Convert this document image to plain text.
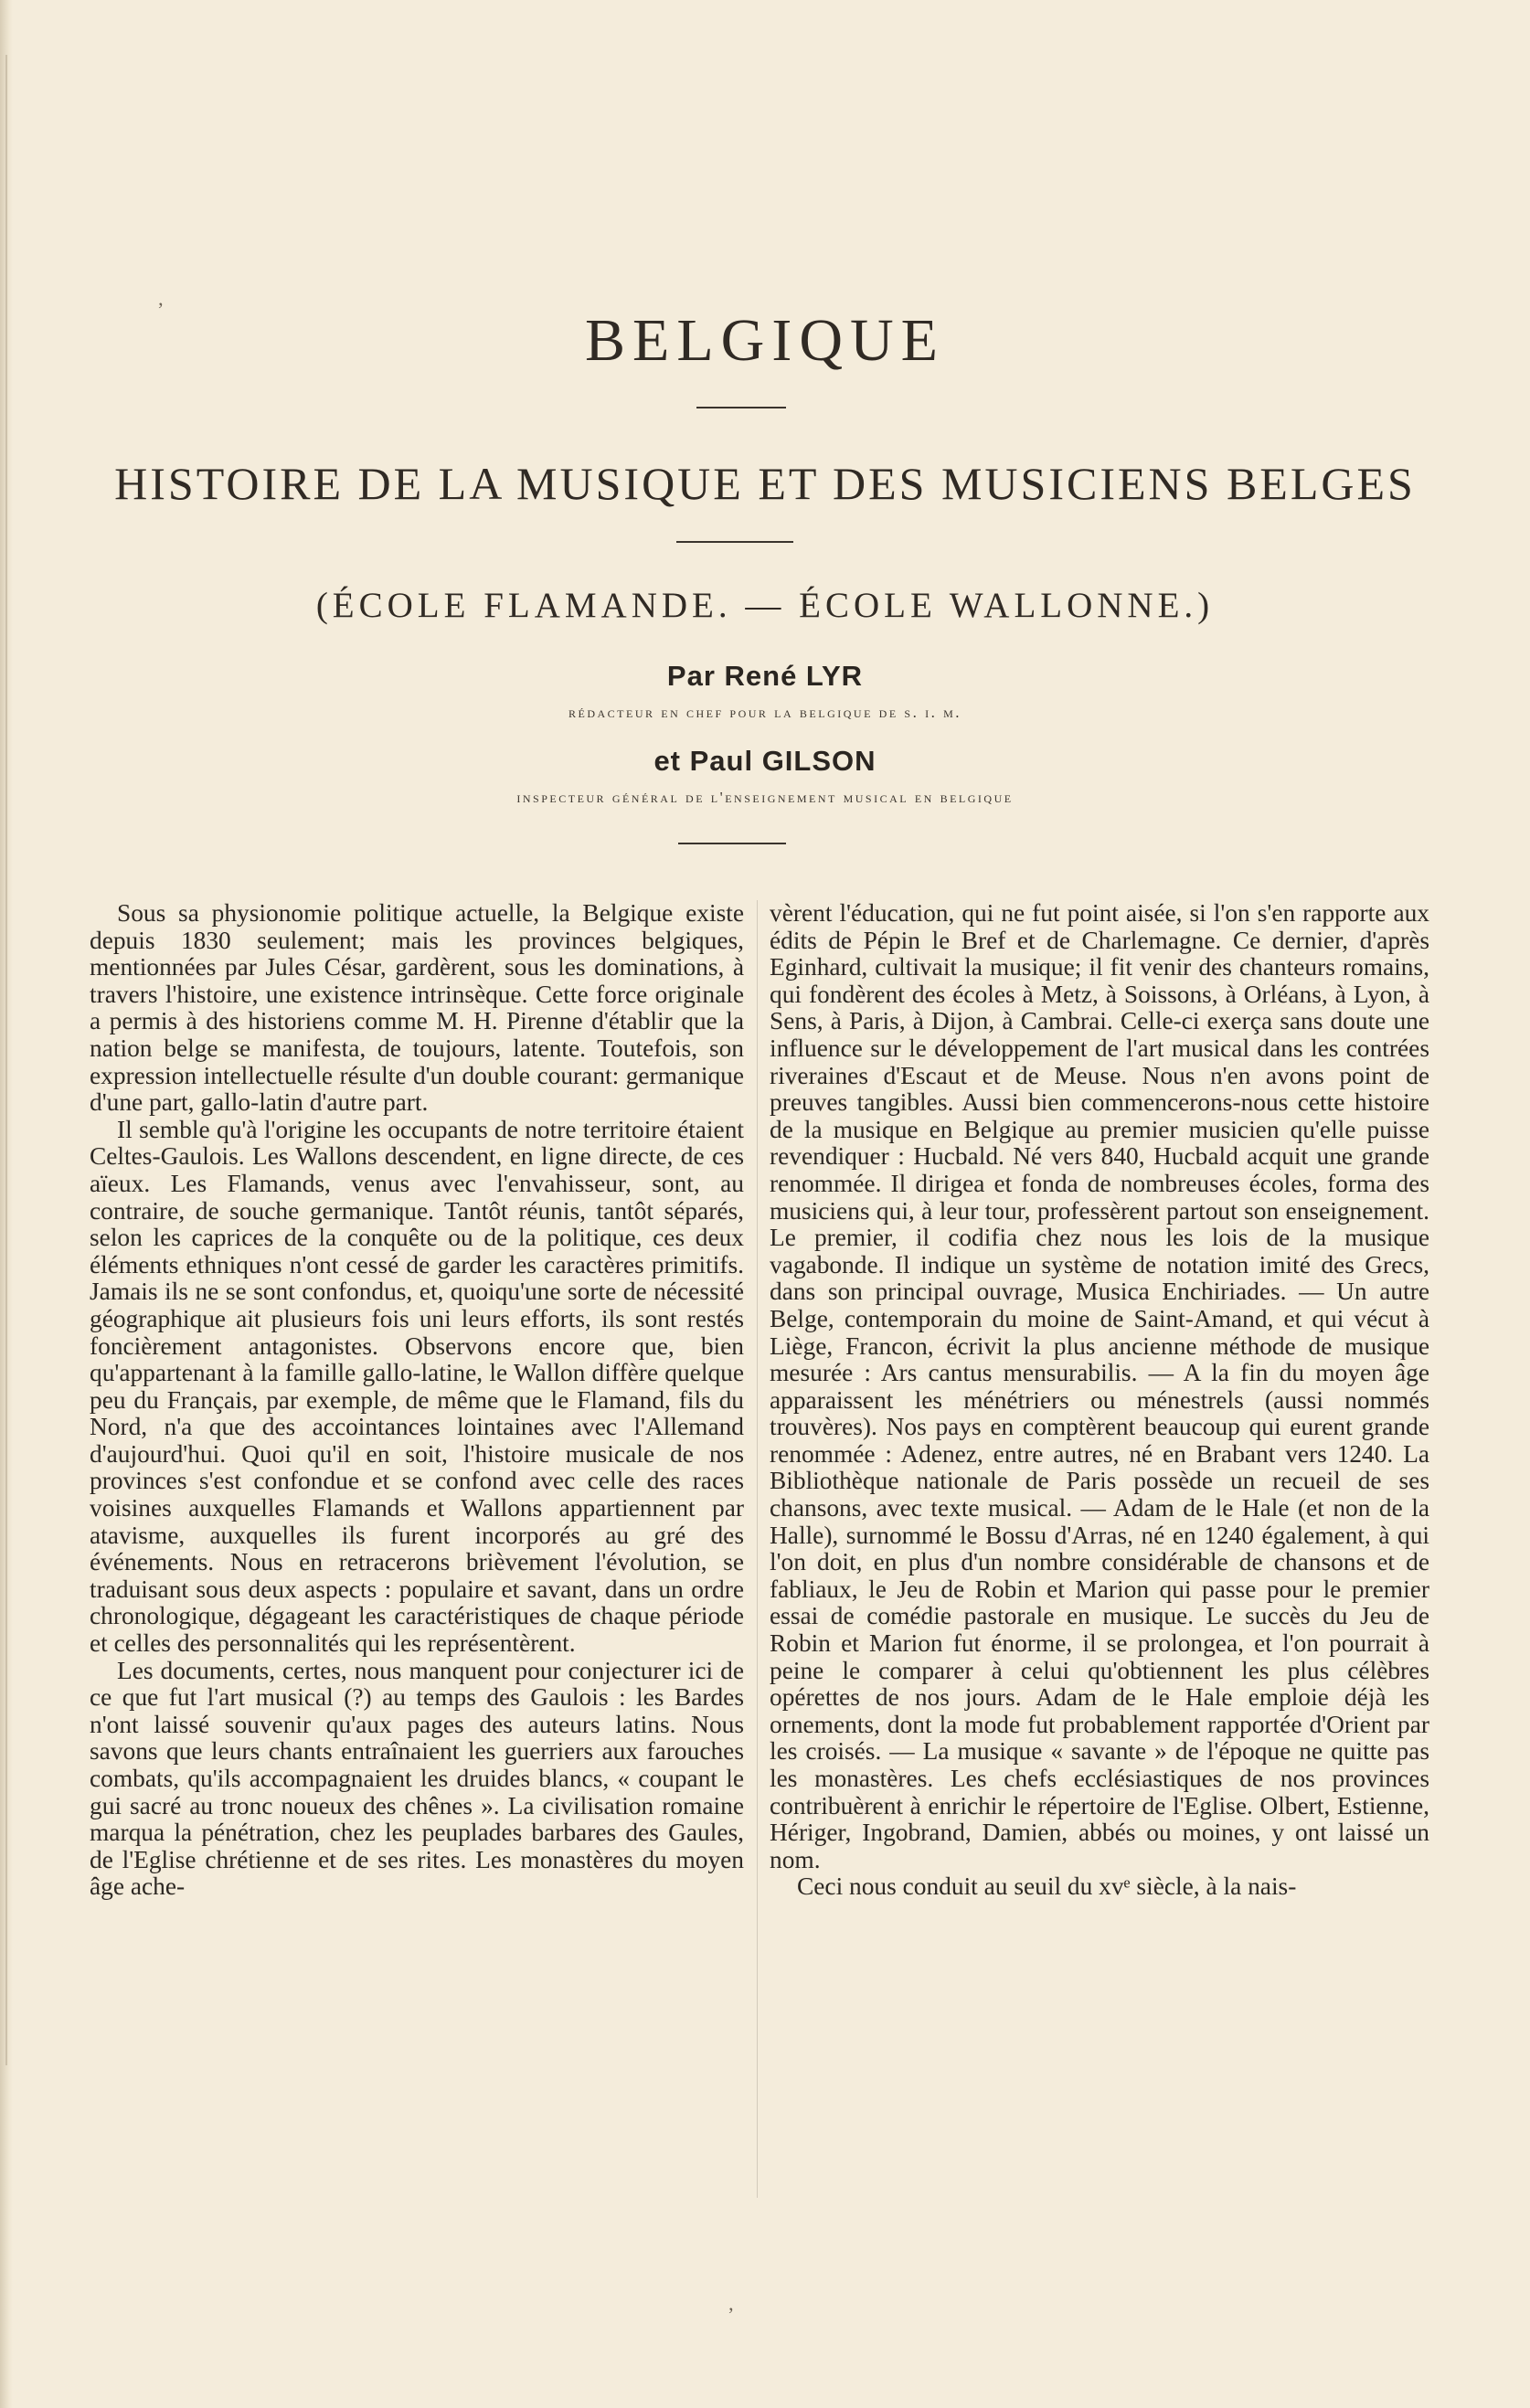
’	BELGIQUE
HISTOIRE DE LA MUSIQUE ET DES MUSICIENS BELGES
(ÉCOLE FLAMANDE. — ÉCOLE WALLONNE.)
Par René LYR
rédacteur en chef pour la belgique de s. i. m.
et Paul GILSON
inspecteur général de l'enseignement musical en belgique

Sous sa physionomie politique actuelle, la Belgique existe depuis 1830 seulement; mais les provinces belgiques, mentionnées par Jules César, gardèrent, sous les dominations, à travers l'histoire, une existence intrinsèque. Cette force originale a permis à des historiens comme M. H. Pirenne d'établir que la nation belge se manifesta, de toujours, latente. Toutefois, son expression intellectuelle résulte d'un double courant: germanique d'une part, gallo-latin d'autre part.

Il semble qu'à l'origine les occupants de notre territoire étaient Celtes-Gaulois. Les Wallons descendent, en ligne directe, de ces aïeux. Les Flamands, venus avec l'envahisseur, sont, au contraire, de souche germanique. Tantôt réunis, tantôt séparés, selon les caprices de la conquête ou de la politique, ces deux éléments ethniques n'ont cessé de garder les caractères primitifs. Jamais ils ne se sont confondus, et, quoiqu'une sorte de nécessité géographique ait plusieurs fois uni leurs efforts, ils sont restés foncièrement antagonistes. Observons encore que, bien qu'appartenant à la famille gallo-latine, le Wallon diffère quelque peu du Français, par exemple, de même que le Flamand, fils du Nord, n'a que des accointances lointaines avec l'Allemand d'aujourd'hui. Quoi qu'il en soit, l'histoire musicale de nos provinces s'est confondue et se confond avec celle des races voisines auxquelles Flamands et Wallons appartiennent par atavisme, auxquelles ils furent incorporés au gré des événements. Nous en retracerons brièvement l'évolution, se traduisant sous deux aspects : populaire et savant, dans un ordre chronologique, dégageant les caractéristiques de chaque période et celles des personnalités qui les représentèrent.

Les documents, certes, nous manquent pour conjecturer ici de ce que fut l'art musical (?) au temps des Gaulois : les Bardes n'ont laissé souvenir qu'aux pages des auteurs latins. Nous savons que leurs chants entraînaient les guerriers aux farouches combats, qu'ils accompagnaient les druides blancs, « coupant le gui sacré au tronc noueux des chênes ». La civilisation romaine marqua la pénétration, chez les peuplades barbares des Gaules, de l'Eglise chrétienne et de ses rites. Les monastères du moyen âge ache-

vèrent l'éducation, qui ne fut point aisée, si l'on s'en rapporte aux édits de Pépin le Bref et de Charlemagne. Ce dernier, d'après Eginhard, cultivait la musique; il fit venir des chanteurs romains, qui fondèrent des écoles à Metz, à Soissons, à Orléans, à Lyon, à Sens, à Paris, à Dijon, à Cambrai. Celle-ci exerça sans doute une influence sur le développement de l'art musical dans les contrées riveraines d'Escaut et de Meuse. Nous n'en avons point de preuves tangibles. Aussi bien commencerons-nous cette histoire de la musique en Belgique au premier musicien qu'elle puisse revendiquer : Hucbald. Né vers 840, Hucbald acquit une grande renommée. Il dirigea et fonda de nombreuses écoles, forma des musiciens qui, à leur tour, professèrent partout son enseignement. Le premier, il codifia chez nous les lois de la musique vagabonde. Il indique un système de notation imité des Grecs, dans son principal ouvrage, Musica Enchiriades. — Un autre Belge, contemporain du moine de Saint-Amand, et qui vécut à Liège, Francon, écrivit la plus ancienne méthode de musique mesurée : Ars cantus mensurabilis. — A la fin du moyen âge apparaissent les ménétriers ou ménestrels (aussi nommés trouvères). Nos pays en comptèrent beaucoup qui eurent grande renommée : Adenez, entre autres, né en Brabant vers 1240. La Bibliothèque nationale de Paris possède un recueil de ses chansons, avec texte musical. — Adam de le Hale (et non de la Halle), surnommé le Bossu d'Arras, né en 1240 également, à qui l'on doit, en plus d'un nombre considérable de chansons et de fabliaux, le Jeu de Robin et Marion qui passe pour le premier essai de comédie pastorale en musique. Le succès du Jeu de Robin et Marion fut énorme, il se prolongea, et l'on pourrait à peine le comparer à celui qu'obtiennent les plus célèbres opérettes de nos jours. Adam de le Hale emploie déjà les ornements, dont la mode fut probablement rapportée d'Orient par les croisés. — La musique « savante » de l'époque ne quitte pas les monastères. Les chefs ecclésiastiques de nos provinces contribuèrent à enrichir le répertoire de l'Eglise. Olbert, Estienne, Hériger, Ingobrand, Damien, abbés ou moines, y ont laissé un nom.

Ceci nous conduit au seuil du xvᵉ siècle, à la nais-

’
